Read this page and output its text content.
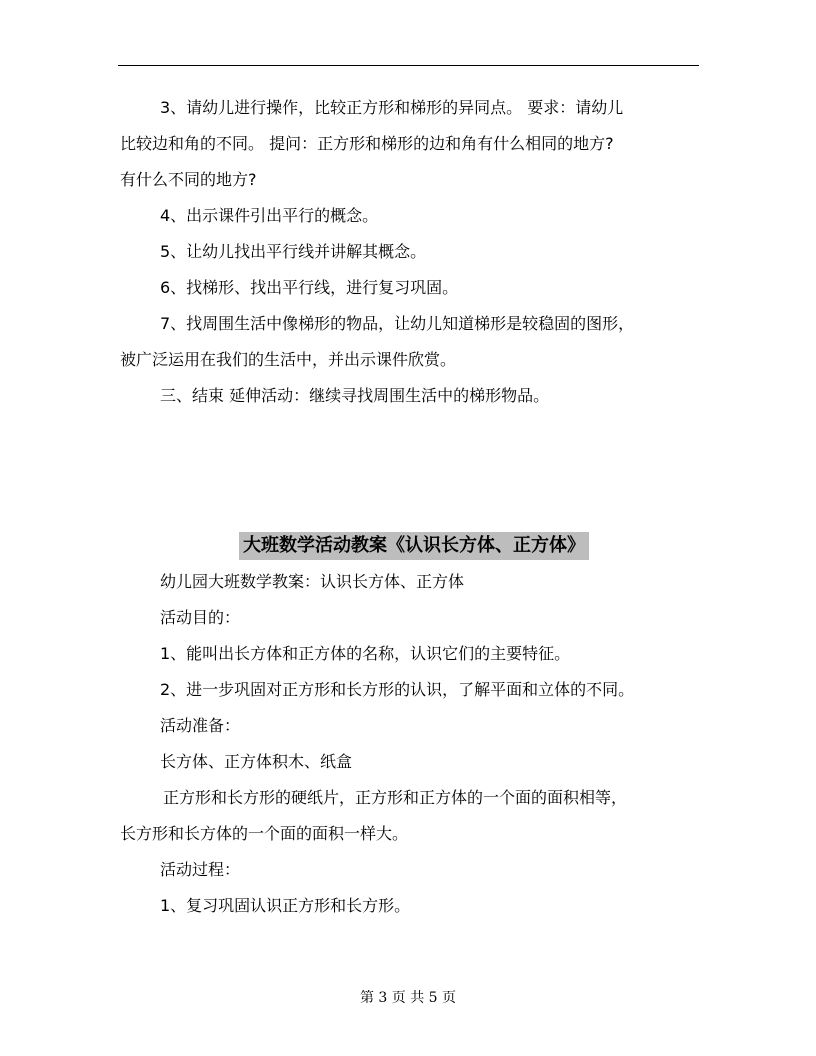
3、请幼儿进行操作，比较正方形和梯形的异同点。 要求：请幼儿

比较边和角的不同。 提问：正方形和梯形的边和角有什么相同的地方?

有什么不同的地方?

4、出示课件引出平行的概念。

5、让幼儿找出平行线并讲解其概念。

6、找梯形、找出平行线，进行复习巩固。

7、找周围生活中像梯形的物品，让幼儿知道梯形是较稳固的图形，

被广泛运用在我们的生活中，并出示课件欣赏。

三、结束 延伸活动：继续寻找周围生活中的梯形物品。

大班数学活动教案《认识长方体、正方体》

幼儿园大班数学教案：认识长方体、正方体

活动目的：

1、能叫出长方体和正方体的名称，认识它们的主要特征。

2、进一步巩固对正方形和长方形的认识，了解平面和立体的不同。

活动准备：

长方体、正方体积木、纸盒

正方形和长方形的硬纸片，正方形和正方体的一个面的面积相等，

长方形和长方体的一个面的面积一样大。

活动过程：

1、复习巩固认识正方形和长方形。

第 3 页 共 5 页
